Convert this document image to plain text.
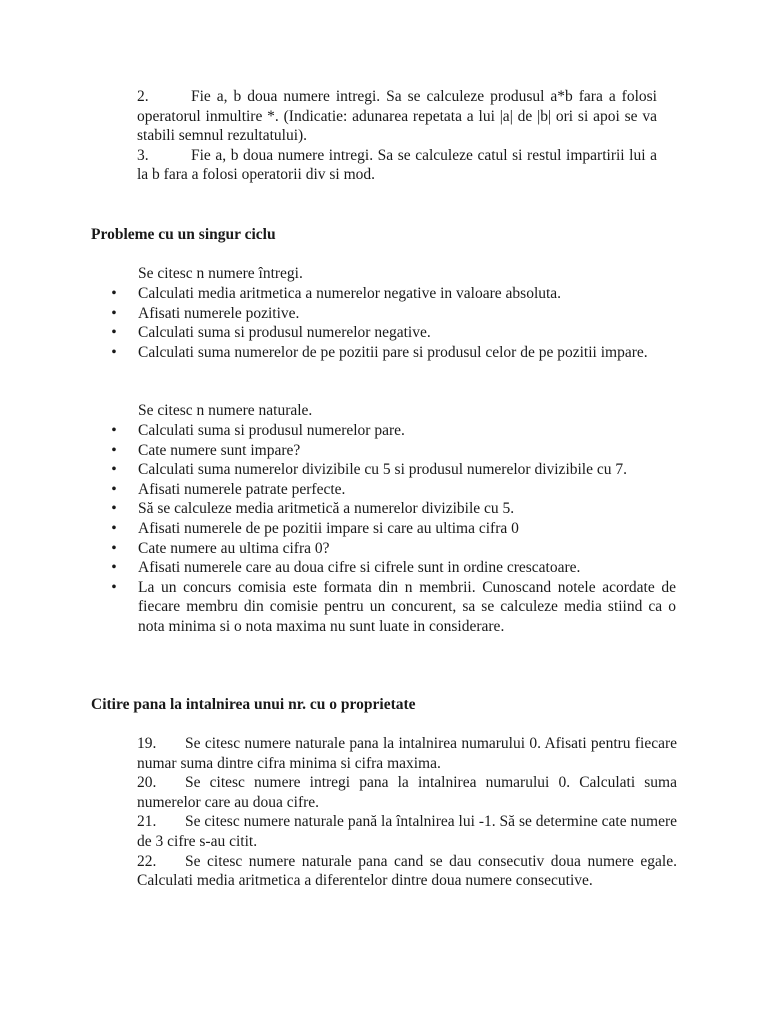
2.	Fie a, b doua numere intregi. Sa se calculeze produsul a*b fara a folosi operatorul inmultire *. (Indicatie: adunarea repetata a lui |a| de |b| ori si apoi se va stabili semnul rezultatului).
3.	Fie a, b doua numere intregi. Sa se calculeze catul si restul impartirii lui a la b fara a folosi operatorii div si mod.
Probleme cu un singur ciclu
Se citesc n numere întregi.
•	Calculati media aritmetica a numerelor negative in valoare absoluta.
•	Afisati numerele pozitive.
•	Calculati suma si produsul numerelor negative.
•	Calculati suma numerelor de pe pozitii pare si produsul celor de pe pozitii impare.
Se citesc n numere naturale.
•	Calculati suma si produsul numerelor pare.
•	Cate numere sunt impare?
•	Calculati suma numerelor divizibile cu 5 si produsul numerelor divizibile cu 7.
•	Afisati numerele patrate perfecte.
•	Să se calculeze media aritmetică a numerelor divizibile cu 5.
•	Afisati numerele de pe pozitii impare si care au ultima cifra 0
•	Cate numere au ultima cifra 0?
•	Afisati numerele care au doua cifre si cifrele sunt in ordine crescatoare.
•	La un concurs comisia este formata din n membrii. Cunoscand notele acordate de fiecare membru din comisie pentru un concurent, sa se calculeze media stiind ca o nota minima si o nota maxima nu sunt luate in considerare.
Citire pana la intalnirea unui nr. cu o proprietate
19. Se citesc numere naturale pana la intalnirea numarului 0. Afisati pentru fiecare numar suma dintre cifra minima si cifra maxima.
20. Se citesc numere intregi pana la intalnirea numarului 0. Calculati suma numerelor care au doua cifre.
21. Se citesc numere naturale pană la întalnirea lui -1. Să se determine cate numere de 3 cifre s-au citit.
22. Se citesc numere naturale pana cand se dau consecutiv doua numere egale. Calculati media aritmetica a diferentelor dintre doua numere consecutive.
